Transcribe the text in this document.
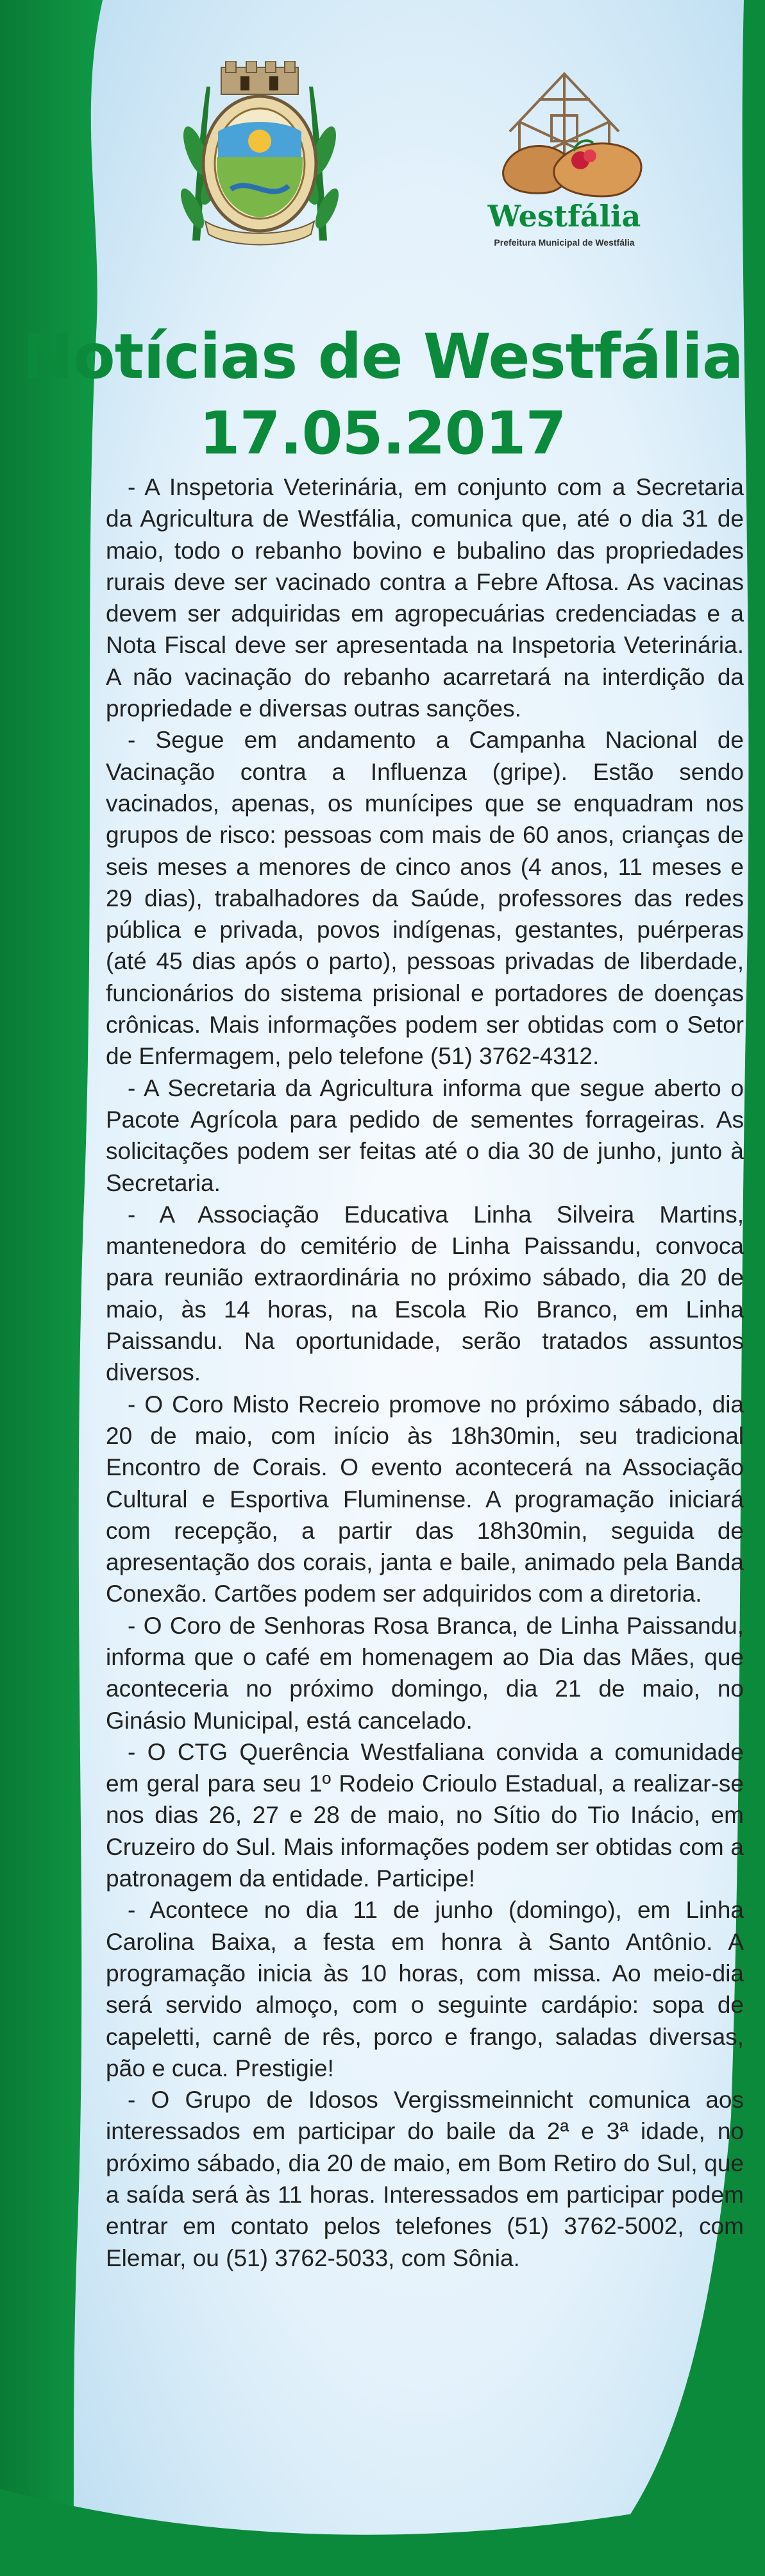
Westfália
Prefeitura Municipal de Westfália
Notícias de Westfália
17.05.2017

- A Inspetoria Veterinária, em conjunto com a Secretaria da Agricultura de Westfália, comunica que, até o dia 31 de maio, todo o rebanho bovino e bubalino das propriedades rurais deve ser vacinado contra a Febre Aftosa. As vacinas devem ser adquiridas em agropecuárias credenciadas e a Nota Fiscal deve ser apresentada na Inspetoria Veterinária. A não vacinação do rebanho acarretará na interdição da propriedade e diversas outras sanções.

- Segue em andamento a Campanha Nacional de Vacinação contra a Influenza (gripe). Estão sendo vacinados, apenas, os munícipes que se enquadram nos grupos de risco: pessoas com mais de 60 anos, crianças de seis meses a menores de cinco anos (4 anos, 11 meses e 29 dias), trabalhadores da Saúde, professores das redes pública e privada, povos indígenas, gestantes, puérperas (até 45 dias após o parto), pessoas privadas de liberdade, funcionários do sistema prisional e portadores de doenças crônicas. Mais informações podem ser obtidas com o Setor de Enfermagem, pelo telefone (51) 3762-4312.

- A Secretaria da Agricultura informa que segue aberto o Pacote Agrícola para pedido de sementes forrageiras. As solicitações podem ser feitas até o dia 30 de junho, junto à Secretaria.

- A Associação Educativa Linha Silveira Martins, mantenedora do cemitério de Linha Paissandu, convoca para reunião extraordinária no próximo sábado, dia 20 de maio, às 14 horas, na Escola Rio Branco, em Linha Paissandu. Na oportunidade, serão tratados assuntos diversos.

- O Coro Misto Recreio promove no próximo sábado, dia 20 de maio, com início às 18h30min, seu tradicional Encontro de Corais. O evento acontecerá na Associação Cultural e Esportiva Fluminense. A programação iniciará com recepção, a partir das 18h30min, seguida de apresentação dos corais, janta e baile, animado pela Banda Conexão. Cartões podem ser adquiridos com a diretoria.

- O Coro de Senhoras Rosa Branca, de Linha Paissandu, informa que o café em homenagem ao Dia das Mães, que aconteceria no próximo domingo, dia 21 de maio, no Ginásio Municipal, está cancelado.

- O CTG Querência Westfaliana convida a comunidade em geral para seu 1º Rodeio Crioulo Estadual, a realizar-se nos dias 26, 27 e 28 de maio, no Sítio do Tio Inácio, em Cruzeiro do Sul. Mais informações podem ser obtidas com a patronagem da entidade. Participe!

- Acontece no dia 11 de junho (domingo), em Linha Carolina Baixa, a festa em honra à Santo Antônio. A programação inicia às 10 horas, com missa. Ao meio-dia será servido almoço, com o seguinte cardápio: sopa de capeletti, carnê de rês, porco e frango, saladas diversas, pão e cuca. Prestigie!

- O Grupo de Idosos Vergissmeinnicht comunica aos interessados em participar do baile da 2ª e 3ª idade, no próximo sábado, dia 20 de maio, em Bom Retiro do Sul, que a saída será às 11 horas. Interessados em participar podem entrar em contato pelos telefones (51) 3762-5002, com Elemar, ou (51) 3762-5033, com Sônia.
